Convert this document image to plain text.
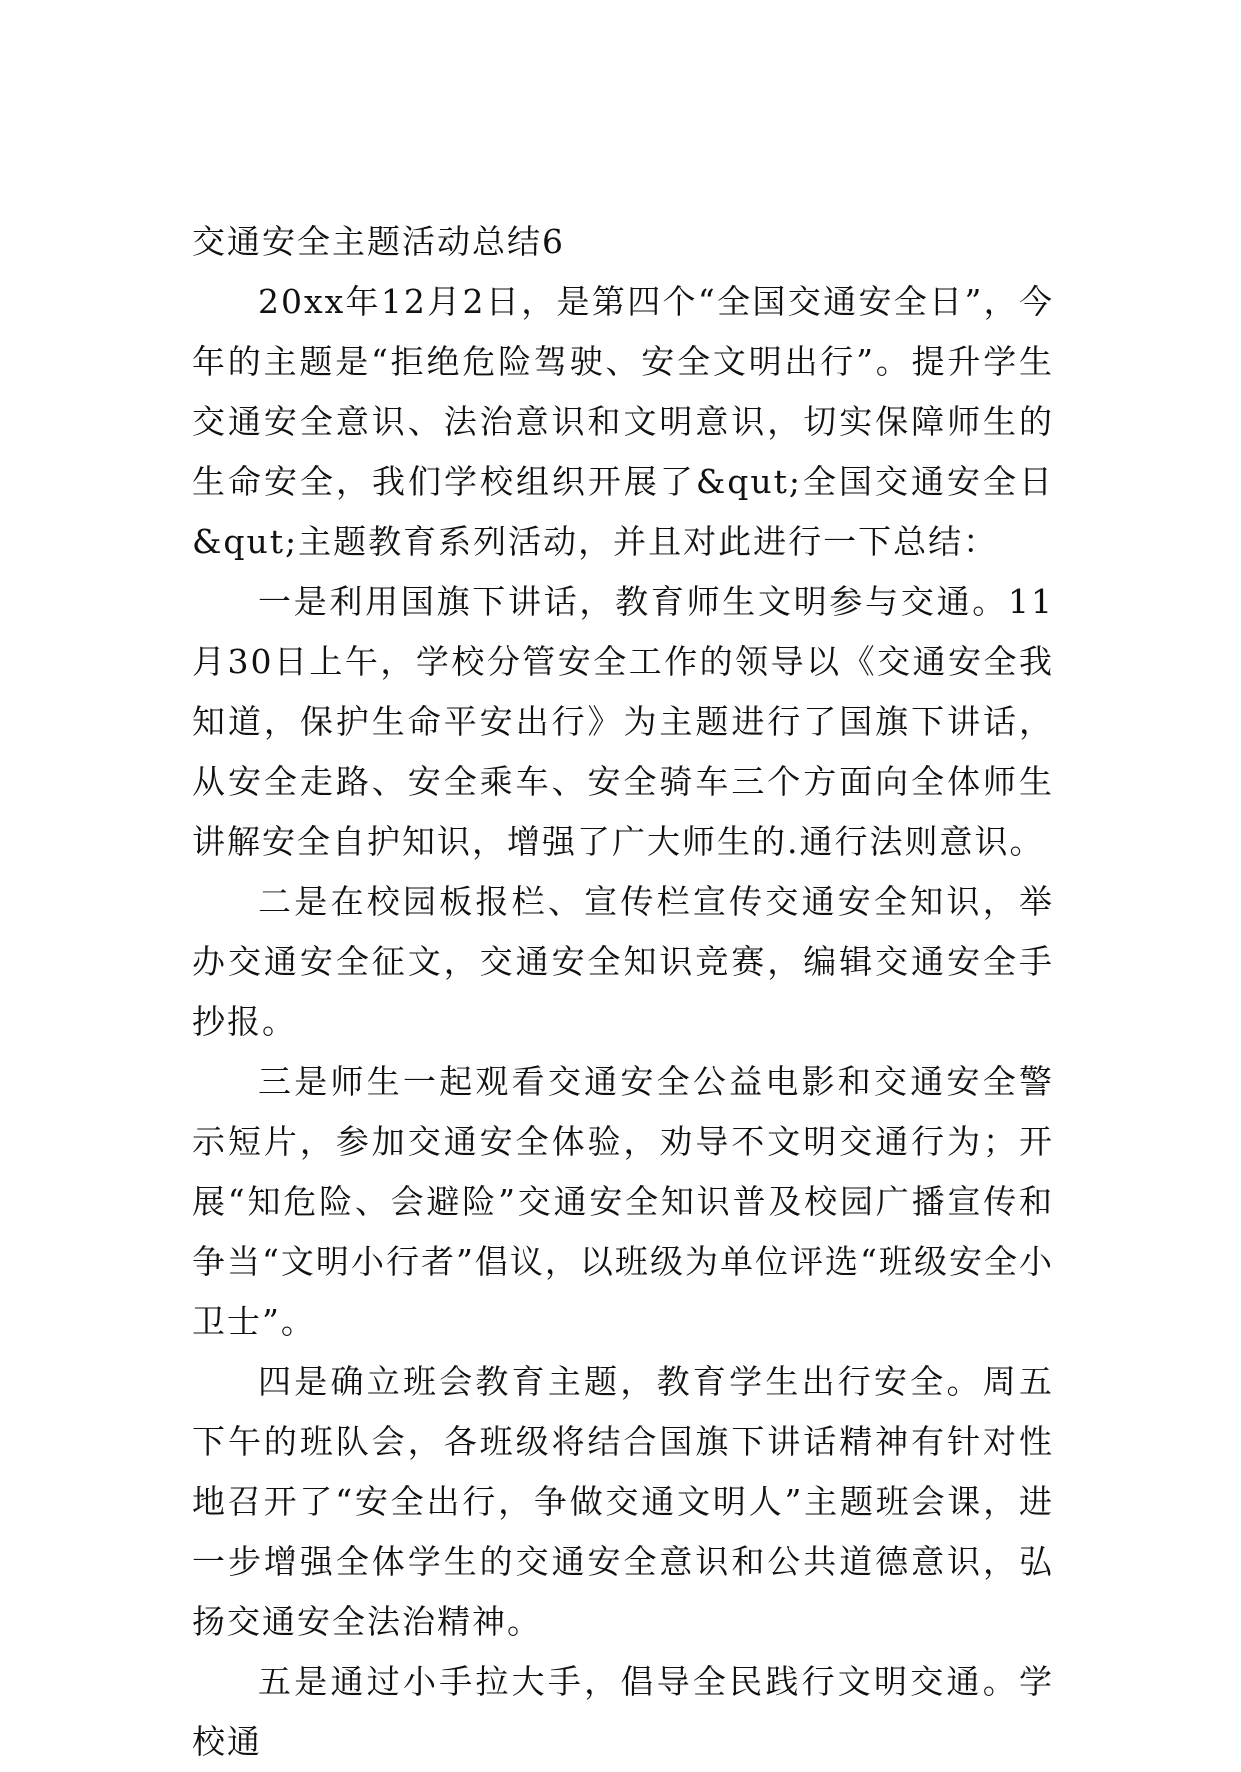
交通安全主题活动总结6

20xx年12月2日，是第四个“全国交通安全日”，今年的主题是“拒绝危险驾驶、安全文明出行”。提升学生交通安全意识、法治意识和文明意识，切实保障师生的生命安全，我们学校组织开展了&qut;全国交通安全日&qut;主题教育系列活动，并且对此进行一下总结：

一是利用国旗下讲话，教育师生文明参与交通。11月30日上午，学校分管安全工作的领导以《交通安全我知道，保护生命平安出行》为主题进行了国旗下讲话，从安全走路、安全乘车、安全骑车三个方面向全体师生讲解安全自护知识，增强了广大师生的.通行法则意识。

二是在校园板报栏、宣传栏宣传交通安全知识，举办交通安全征文，交通安全知识竞赛，编辑交通安全手抄报。

三是师生一起观看交通安全公益电影和交通安全警示短片，参加交通安全体验，劝导不文明交通行为；开展“知危险、会避险”交通安全知识普及校园广播宣传和争当“文明小行者”倡议，以班级为单位评选“班级安全小卫士”。

四是确立班会教育主题，教育学生出行安全。周五下午的班队会，各班级将结合国旗下讲话精神有针对性地召开了“安全出行，争做交通文明人”主题班会课，进一步增强全体学生的交通安全意识和公共道德意识，弘扬交通安全法治精神。

五是通过小手拉大手，倡导全民践行文明交通。学校通
